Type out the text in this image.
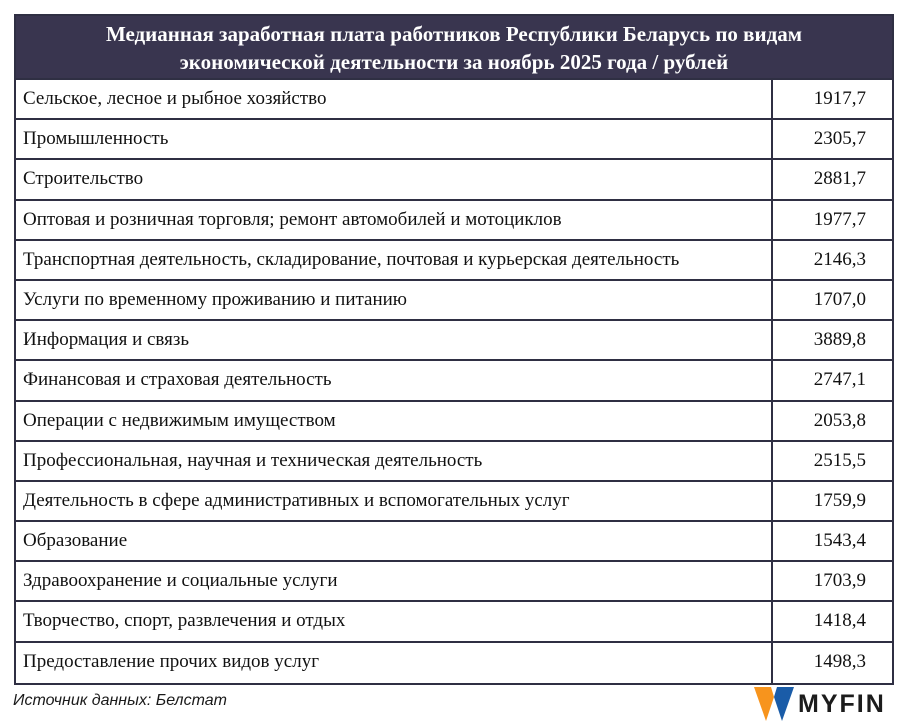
Медианная заработная плата работников Республики Беларусь по видам
экономической деятельности за ноябрь 2025 года / рублей
Сельское, лесное и рыбное хозяйство	1917,7
Промышленность	2305,7
Строительство	2881,7
Оптовая и розничная торговля; ремонт автомобилей и мотоциклов	1977,7
Транспортная деятельность, складирование, почтовая и курьерская деятельность	2146,3
Услуги по временному проживанию и питанию	1707,0
Информация и связь	3889,8
Финансовая и страховая деятельность	2747,1
Операции с недвижимым имуществом	2053,8
Профессиональная, научная и техническая деятельность	2515,5
Деятельность в сфере административных и вспомогательных услуг	1759,9
Образование	1543,4
Здравоохранение и социальные услуги	1703,9
Творчество, спорт, развлечения и отдых	1418,4
Предоставление прочих видов услуг	1498,3
Источник данных: Белстат	MYFIN
